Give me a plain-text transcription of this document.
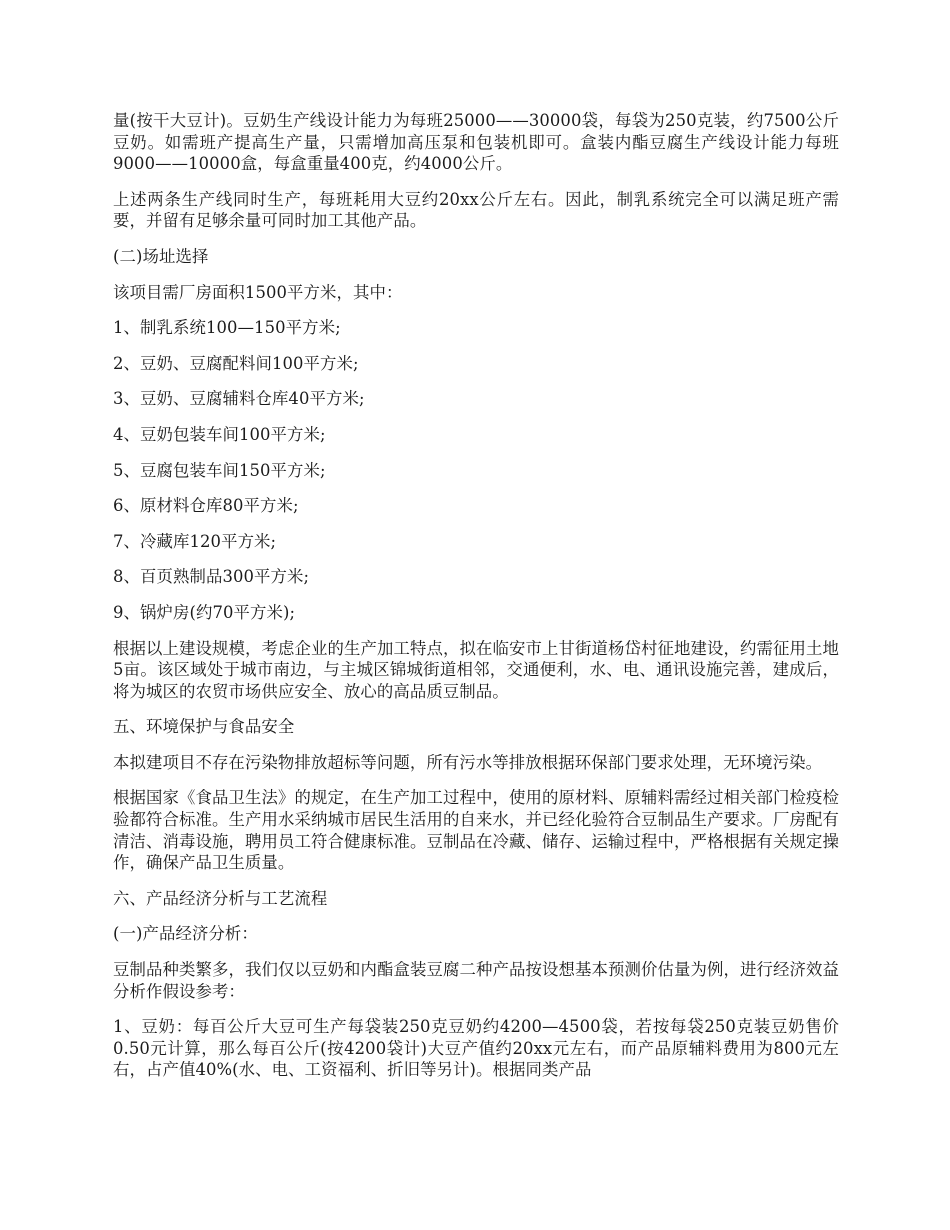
量(按干大豆计)。豆奶生产线设计能力为每班25000——30000袋，每袋为250克装，约7500公斤豆奶。如需班产提高生产量，只需增加高压泵和包装机即可。盒装内酯豆腐生产线设计能力每班9000——10000盒，每盒重量400克，约4000公斤。

上述两条生产线同时生产，每班耗用大豆约20xx公斤左右。因此，制乳系统完全可以满足班产需要，并留有足够余量可同时加工其他产品。

(二)场址选择

该项目需厂房面积1500平方米，其中：

1、制乳系统100—150平方米;

2、豆奶、豆腐配料间100平方米;

3、豆奶、豆腐辅料仓库40平方米;

4、豆奶包装车间100平方米;

5、豆腐包装车间150平方米;

6、原材料仓库80平方米;

7、冷藏库120平方米;

8、百页熟制品300平方米;

9、锅炉房(约70平方米);

根据以上建设规模，考虑企业的生产加工特点，拟在临安市上甘街道杨岱村征地建设，约需征用土地5亩。该区域处于城市南边，与主城区锦城街道相邻，交通便利，水、电、通讯设施完善，建成后，将为城区的农贸市场供应安全、放心的高品质豆制品。

五、环境保护与食品安全

本拟建项目不存在污染物排放超标等问题，所有污水等排放根据环保部门要求处理，无环境污染。

根据国家《食品卫生法》的规定，在生产加工过程中，使用的原材料、原辅料需经过相关部门检疫检验都符合标准。生产用水采纳城市居民生活用的自来水，并已经化验符合豆制品生产要求。厂房配有清洁、消毒设施，聘用员工符合健康标准。豆制品在冷藏、储存、运输过程中，严格根据有关规定操作，确保产品卫生质量。

六、产品经济分析与工艺流程

(一)产品经济分析：

豆制品种类繁多，我们仅以豆奶和内酯盒装豆腐二种产品按设想基本预测价估量为例，进行经济效益分析作假设参考：

1、豆奶：每百公斤大豆可生产每袋装250克豆奶约4200—4500袋，若按每袋250克装豆奶售价0.50元计算，那么每百公斤(按4200袋计)大豆产值约20xx元左右，而产品原辅料费用为800元左右，占产值40%(水、电、工资福利、折旧等另计)。根据同类产品
